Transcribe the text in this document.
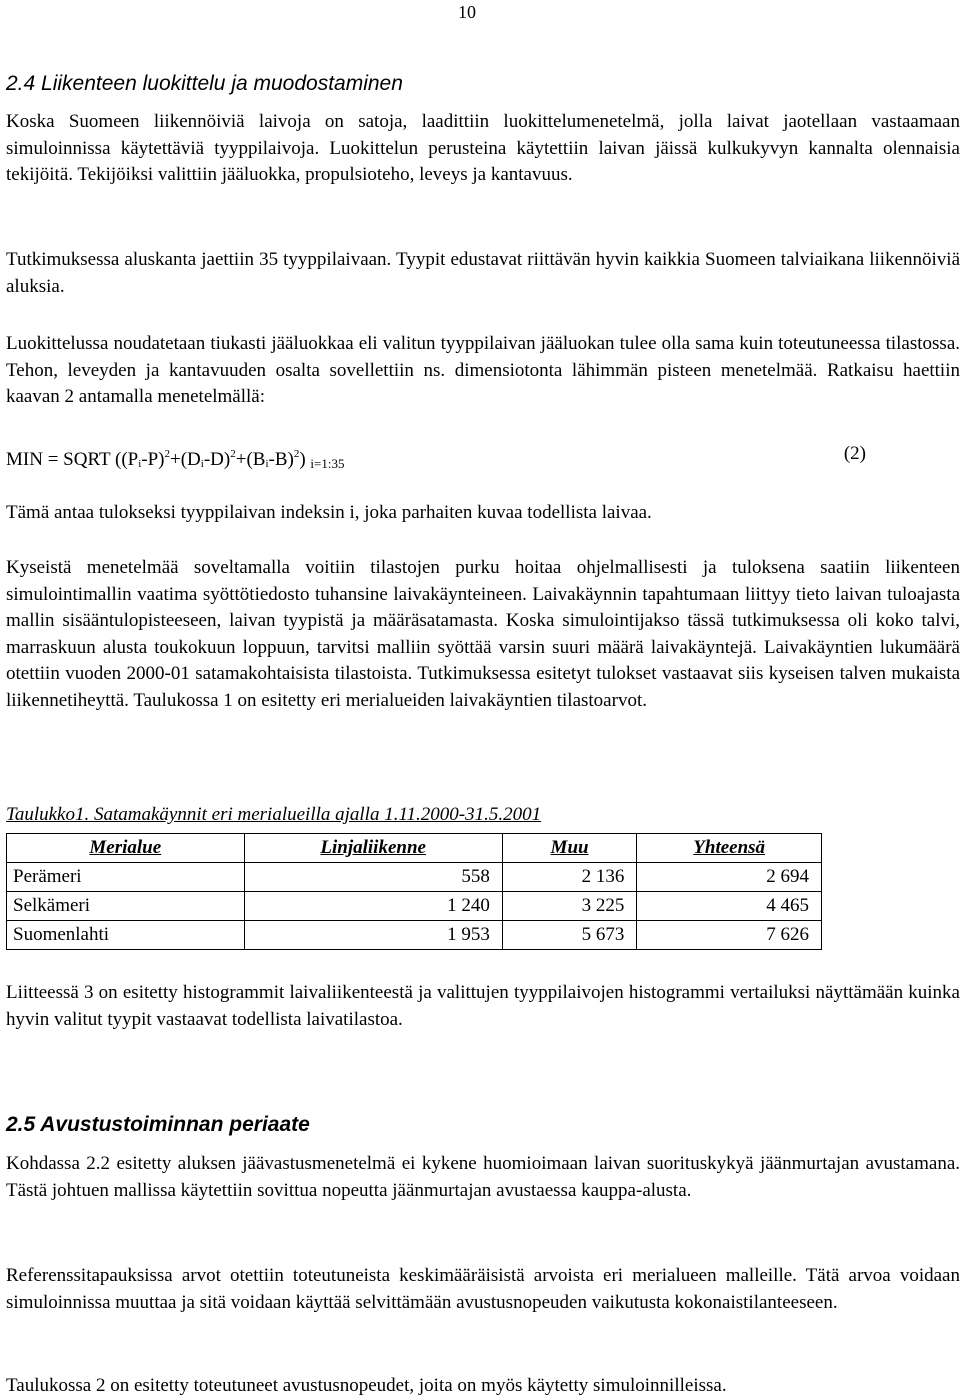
10
2.4 Liikenteen luokittelu ja muodostaminen

Koska Suomeen liikennöiviä laivoja on satoja, laadittiin luokittelumenetelmä, jolla laivat jaotellaan vastaamaan simuloinnissa käytettäviä tyyppilaivoja. Luokittelun perusteina käytettiin laivan jäissä kulkukyvyn kannalta olennaisia tekijöitä. Tekijöiksi valittiin jääluokka, propulsioteho, leveys ja kantavuus.

Tutkimuksessa aluskanta jaettiin 35 tyyppilaivaan. Tyypit edustavat riittävän hyvin kaikkia Suomeen talviaikana liikennöiviä aluksia.

Luokittelussa noudatetaan tiukasti jääluokkaa eli valitun tyyppilaivan jääluokan tulee olla sama kuin toteutuneessa tilastossa. Tehon, leveyden ja kantavuuden osalta sovellettiin ns. dimensiotonta lähimmän pisteen menetelmää. Ratkaisu haettiin kaavan 2 antamalla menetelmällä:

MIN = SQRT $((P_i-P)^2+(D_i-D)^2+(B_i-B)^2)$ i=1:35	(2)

Tämä antaa tulokseksi tyyppilaivan indeksin i, joka parhaiten kuvaa todellista laivaa.

Kyseistä menetelmää soveltamalla voitiin tilastojen purku hoitaa ohjelmallisesti ja tuloksena saatiin liikenteen simulointimallin vaatima syöttötiedosto tuhansine laivakäynteineen. Laivakäynnin tapahtumaan liittyy tieto laivan tuloajasta mallin sisääntulopisteeseen, laivan tyypistä ja määräsatamasta. Koska simulointijakso tässä tutkimuksessa oli koko talvi, marraskuun alusta toukokuun loppuun, tarvitsi malliin syöttää varsin suuri määrä laivakäyntejä. Laivakäyntien lukumäärä otettiin vuoden 2000-01 satamakohtaisista tilastoista. Tutkimuksessa esitetyt tulokset vastaavat siis kyseisen talven mukaista liikennetiheyttä. Taulukossa 1 on esitetty eri merialueiden laivakäyntien tilastoarvot.

Taulukko1. Satamakäynnit eri merialueilla ajalla 1.11.2000-31.5.2001
Merialue	Linjaliikenne	Muu	Yhteensä
Perämeri	558	2 136	2 694
Selkämeri	1 240	3 225	4 465
Suomenlahti	1 953	5 673	7 626

Liitteessä 3 on esitetty histogrammit laivaliikenteestä ja valittujen tyyppilaivojen histogrammi vertailuksi näyttämään kuinka hyvin valitut tyypit vastaavat todellista laivatilastoa.

2.5 Avustustoiminnan periaate

Kohdassa 2.2 esitetty aluksen jäävastusmenetelmä ei kykene huomioimaan laivan suorituskykyä jäänmurtajan avustamana. Tästä johtuen mallissa käytettiin sovittua nopeutta jäänmurtajan avustaessa kauppa-alusta.

Referenssitapauksissa arvot otettiin toteutuneista keskimääräisistä arvoista eri merialueen malleille. Tätä arvoa voidaan simuloinnissa muuttaa ja sitä voidaan käyttää selvittämään avustusnopeuden vaikutusta kokonaistilanteeseen.

Taulukossa 2 on esitetty toteutuneet avustusnopeudet, joita on myös käytetty simuloinnilleissa.
